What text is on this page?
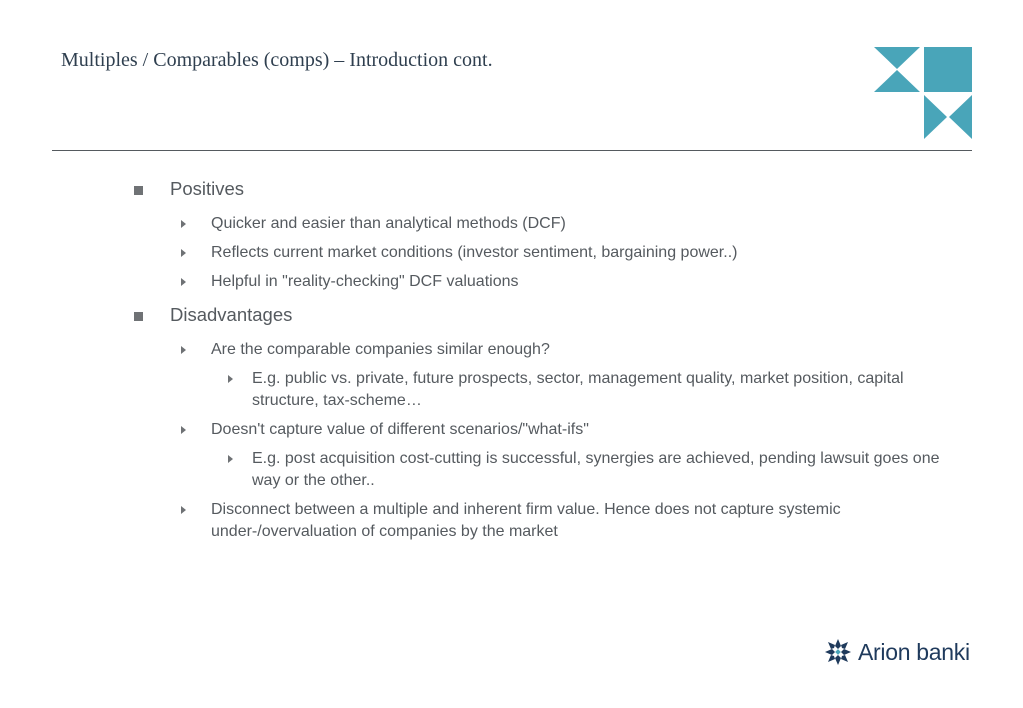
Multiples / Comparables (comps) – Introduction cont.
Positives
Quicker and easier than analytical methods (DCF)
Reflects current market conditions (investor sentiment, bargaining power..)
Helpful in "reality-checking" DCF valuations
Disadvantages
Are the comparable companies similar enough?
E.g. public vs. private, future prospects, sector, management quality, market position, capital structure, tax-scheme…
Doesn't capture value of different scenarios/"what-ifs"
E.g. post acquisition cost-cutting is successful, synergies are achieved, pending lawsuit goes one way or the other..
Disconnect between a multiple and inherent firm value. Hence does not capture systemic under-/overvaluation of companies by the market
Arion banki
